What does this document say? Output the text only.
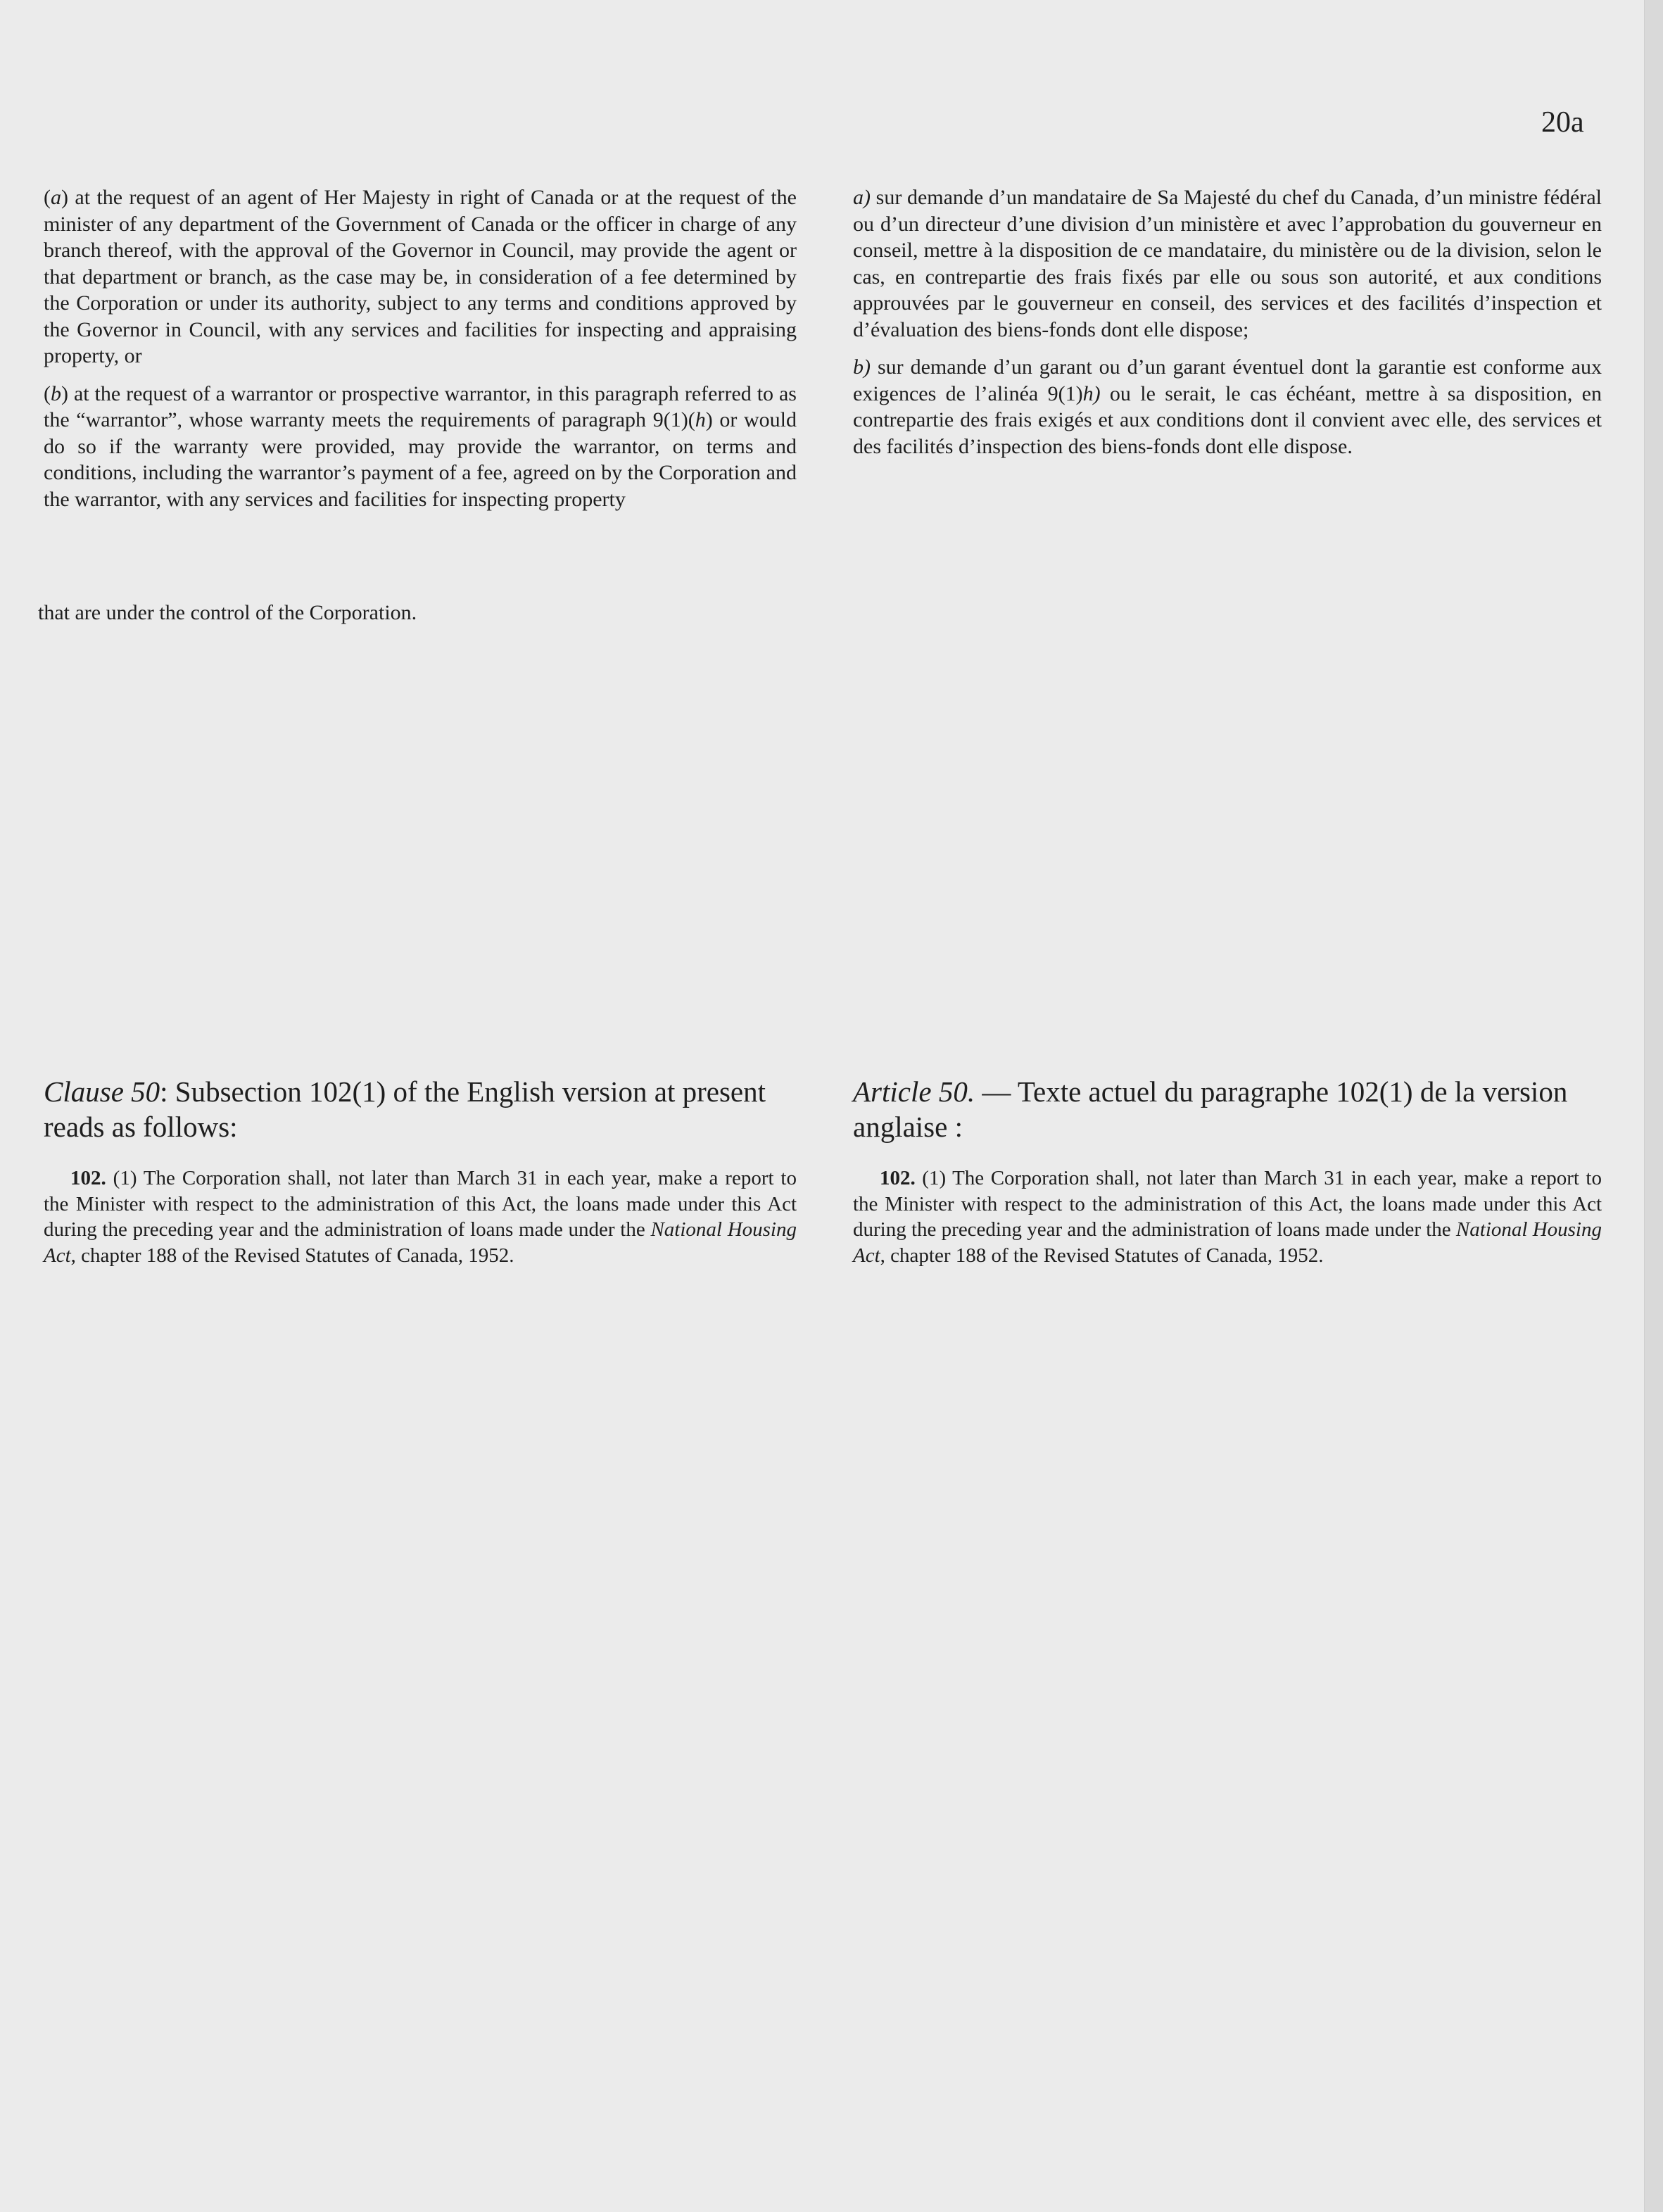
20a

(a) at the request of an agent of Her Majesty in right of Canada or at the request of the minister of any department of the Government of Canada or the officer in charge of any branch thereof, with the approval of the Governor in Council, may provide the agent or that department or branch, as the case may be, in consideration of a fee determined by the Corporation or under its authority, subject to any terms and conditions approved by the Governor in Council, with any services and facilities for inspecting and appraising property, or

(b) at the request of a warrantor or prospective warrantor, in this paragraph referred to as the “warrantor”, whose warranty meets the requirements of paragraph 9(1)(h) or would do so if the warranty were provided, may provide the warrantor, on terms and conditions, including the warrantor’s payment of a fee, agreed on by the Corporation and the warrantor, with any services and facilities for inspecting property

that are under the control of the Corporation.

a) sur demande d’un mandataire de Sa Majesté du chef du Canada, d’un ministre fédéral ou d’un directeur d’une division d’un ministère et avec l’approbation du gouverneur en conseil, mettre à la disposition de ce mandataire, du ministère ou de la division, selon le cas, en contrepartie des frais fixés par elle ou sous son autorité, et aux conditions approuvées par le gouverneur en conseil, des services et des facilités d’inspection et d’évaluation des biens-fonds dont elle dispose;

b) sur demande d’un garant ou d’un garant éventuel dont la garantie est conforme aux exigences de l’alinéa 9(1)h) ou le serait, le cas échéant, mettre à sa disposition, en contrepartie des frais exigés et aux conditions dont il convient avec elle, des services et des facilités d’inspection des biens-fonds dont elle dispose.

Clause 50: Subsection 102(1) of the English version at present reads as follows:

102. (1) The Corporation shall, not later than March 31 in each year, make a report to the Minister with respect to the administration of this Act, the loans made under this Act during the preceding year and the administration of loans made under the National Housing Act, chapter 188 of the Revised Statutes of Canada, 1952.

Article 50. — Texte actuel du paragraphe 102(1) de la version anglaise :

102. (1) The Corporation shall, not later than March 31 in each year, make a report to the Minister with respect to the administration of this Act, the loans made under this Act during the preceding year and the administration of loans made under the National Housing Act, chapter 188 of the Revised Statutes of Canada, 1952.
